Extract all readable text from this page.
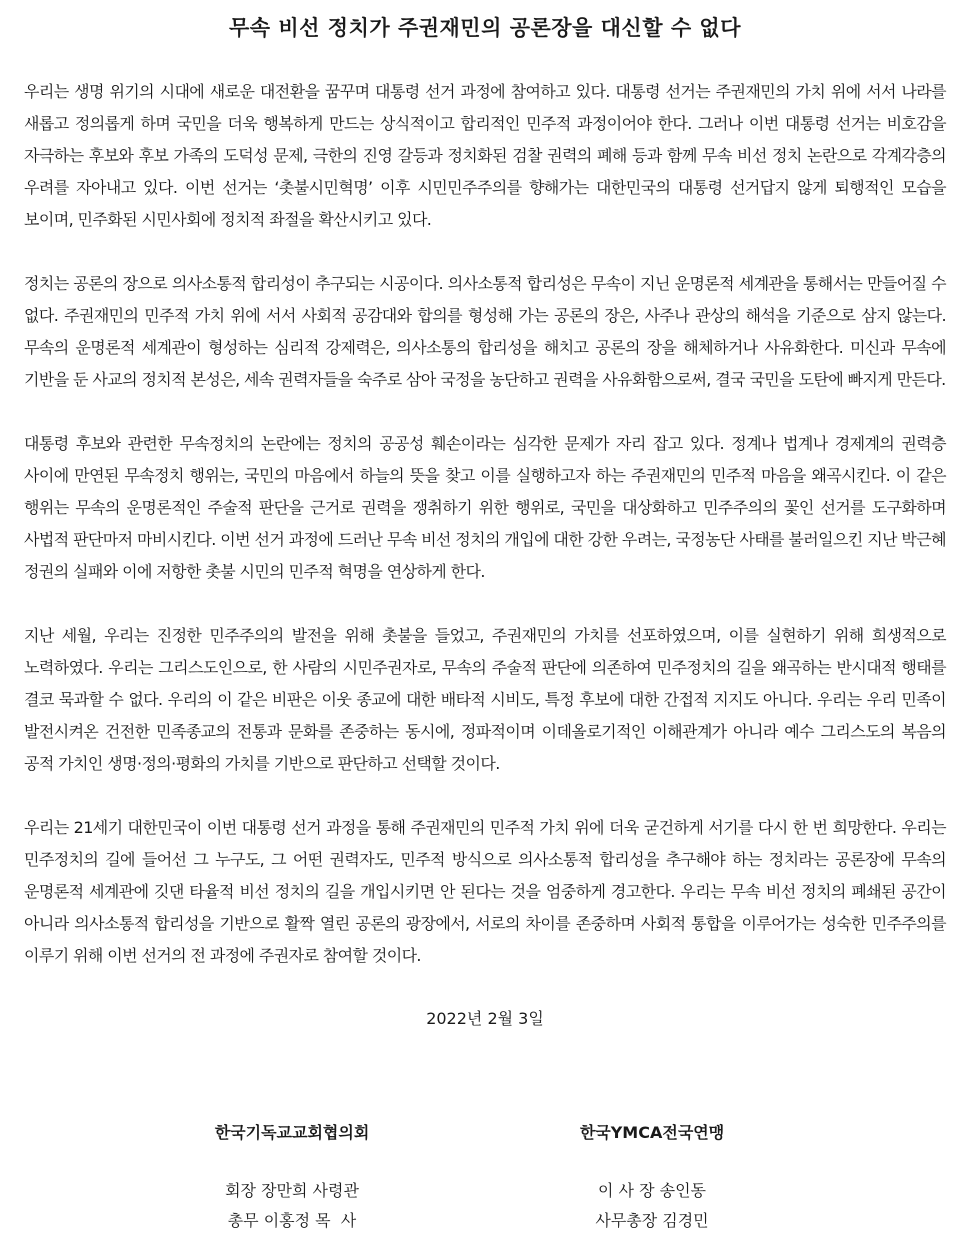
무속 비선 정치가 주권재민의 공론장을 대신할 수 없다

우리는 생명 위기의 시대에 새로운 대전환을 꿈꾸며 대통령 선거 과정에 참여하고 있다. 대통령 선거는 주권재민의 가치 위에 서서 나라를 새롭고 정의롭게 하며 국민을 더욱 행복하게 만드는 상식적이고 합리적인 민주적 과정이어야 한다. 그러나 이번 대통령 선거는 비호감을 자극하는 후보와 후보 가족의 도덕성 문제, 극한의 진영 갈등과 정치화된 검찰 권력의 폐해 등과 함께 무속 비선 정치 논란으로 각계각층의 우려를 자아내고 있다. 이번 선거는 ‘촛불시민혁명’ 이후 시민민주주의를 향해가는 대한민국의 대통령 선거답지 않게 퇴행적인 모습을 보이며, 민주화된 시민사회에 정치적 좌절을 확산시키고 있다.

정치는 공론의 장으로 의사소통적 합리성이 추구되는 시공이다. 의사소통적 합리성은 무속이 지닌 운명론적 세계관을 통해서는 만들어질 수 없다. 주권재민의 민주적 가치 위에 서서 사회적 공감대와 합의를 형성해 가는 공론의 장은, 사주나 관상의 해석을 기준으로 삼지 않는다. 무속의 운명론적 세계관이 형성하는 심리적 강제력은, 의사소통의 합리성을 해치고 공론의 장을 해체하거나 사유화한다. 미신과 무속에 기반을 둔 사교의 정치적 본성은, 세속 권력자들을 숙주로 삼아 국정을 농단하고 권력을 사유화함으로써, 결국 국민을 도탄에 빠지게 만든다.

대통령 후보와 관련한 무속정치의 논란에는 정치의 공공성 훼손이라는 심각한 문제가 자리 잡고 있다. 정계나 법계나 경제계의 권력층 사이에 만연된 무속정치 행위는, 국민의 마음에서 하늘의 뜻을 찾고 이를 실행하고자 하는 주권재민의 민주적 마음을 왜곡시킨다. 이 같은 행위는 무속의 운명론적인 주술적 판단을 근거로 권력을 쟁취하기 위한 행위로, 국민을 대상화하고 민주주의의 꽃인 선거를 도구화하며 사법적 판단마저 마비시킨다. 이번 선거 과정에 드러난 무속 비선 정치의 개입에 대한 강한 우려는, 국정농단 사태를 불러일으킨 지난 박근혜 정권의 실패와 이에 저항한 촛불 시민의 민주적 혁명을 연상하게 한다.

지난 세월, 우리는 진정한 민주주의의 발전을 위해 촛불을 들었고, 주권재민의 가치를 선포하였으며, 이를 실현하기 위해 희생적으로 노력하였다. 우리는 그리스도인으로, 한 사람의 시민주권자로, 무속의 주술적 판단에 의존하여 민주정치의 길을 왜곡하는 반시대적 행태를 결코 묵과할 수 없다. 우리의 이 같은 비판은 이웃 종교에 대한 배타적 시비도, 특정 후보에 대한 간접적 지지도 아니다. 우리는 우리 민족이 발전시켜온 건전한 민족종교의 전통과 문화를 존중하는 동시에, 정파적이며 이데올로기적인 이해관계가 아니라 예수 그리스도의 복음의 공적 가치인 생명·정의·평화의 가치를 기반으로 판단하고 선택할 것이다.

우리는 21세기 대한민국이 이번 대통령 선거 과정을 통해 주권재민의 민주적 가치 위에 더욱 굳건하게 서기를 다시 한 번 희망한다. 우리는 민주정치의 길에 들어선 그 누구도, 그 어떤 권력자도, 민주적 방식으로 의사소통적 합리성을 추구해야 하는 정치라는 공론장에 무속의 운명론적 세계관에 깃댄 타율적 비선 정치의 길을 개입시키면 안 된다는 것을 엄중하게 경고한다. 우리는 무속 비선 정치의 폐쇄된 공간이 아니라 의사소통적 합리성을 기반으로 활짝 열린 공론의 광장에서, 서로의 차이를 존중하며 사회적 통합을 이루어가는 성숙한 민주주의를 이루기 위해 이번 선거의 전 과정에 주권자로 참여할 것이다.

2022년 2월 3일
한국기독교교회협의회
회장 장만희 사령관
총무 이홍정 목  사
한국YMCA전국연맹
이 사 장 송인동
사무총장 김경민
